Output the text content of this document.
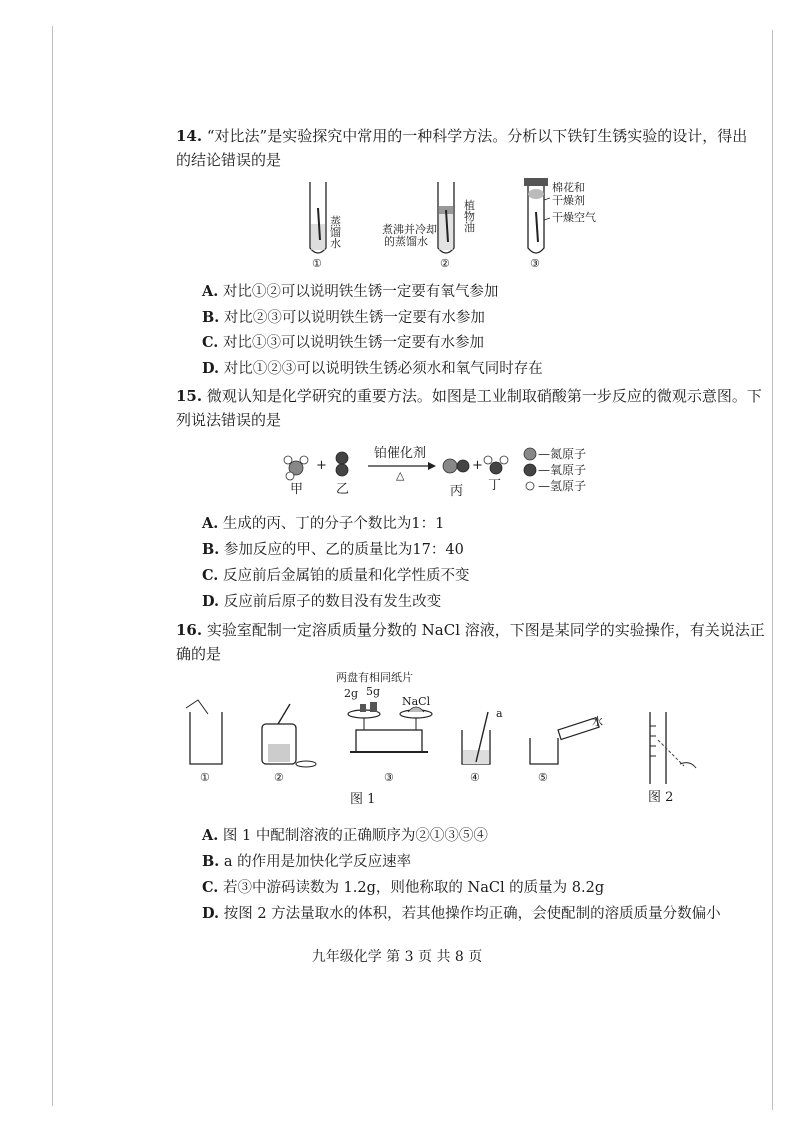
14. “对比法”是实验探究中常用的一种科学方法。分析以下铁钉生锈实验的设计，得出
的结论错误的是
蒸馏水
煮沸并冷却
的蒸馏水
植物油
棉花和
干燥剂
干燥空气
①	②	③
A. 对比①②可以说明铁生锈一定要有氧气参加
B. 对比②③可以说明铁生锈一定要有水参加
C. 对比①③可以说明铁生锈一定要有水参加
D. 对比①②③可以说明铁生锈必须水和氧气同时存在
15. 微观认知是化学研究的重要方法。如图是工业制取硝酸第一步反应的微观示意图。下
列说法错误的是
+	+
铂催化剂
△
甲	乙	丙 丁
—氮原子
—氧原子
—氢原子
A. 生成的丙、丁的分子个数比为1：1
B. 参加反应的甲、乙的质量比为17：40
C. 反应前后金属铂的质量和化学性质不变
D. 反应前后原子的数目没有发生改变
16. 实验室配制一定溶质质量分数的 NaCl 溶液，下图是某同学的实验操作，有关说法正
确的是
两盘有相同纸片
2g 5g
NaCl
a
水
①	②	③	④	⑤
图 1	图 2
A. 图 1 中配制溶液的正确顺序为②①③⑤④
B. a 的作用是加快化学反应速率
C. 若③中游码读数为 1.2g，则他称取的 NaCl 的质量为 8.2g
D. 按图 2 方法量取水的体积，若其他操作均正确，会使配制的溶质质量分数偏小
九年级化学 第 3 页 共 8 页
